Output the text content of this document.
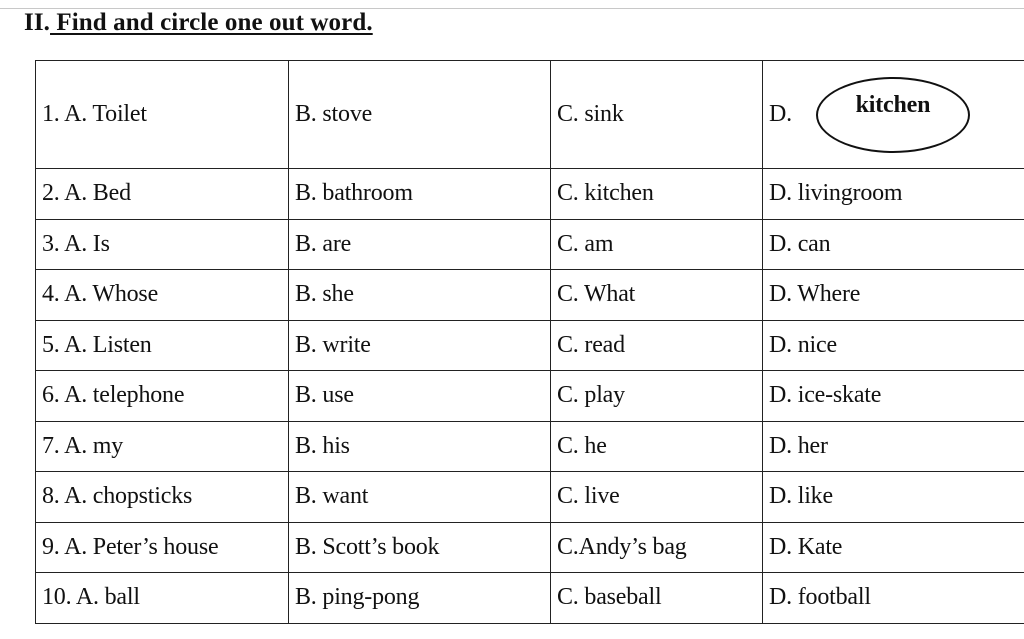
II. Find and circle one out word.
1. A. Toilet	B. stove	C. sink	D. kitchen

2. A. Bed	B. bathroom	C. kitchen	D. livingroom
3. A. Is	B. are	C. am	D. can
4. A. Whose	B. she	C. What	D. Where
5. A. Listen	B. write	C. read	D. nice
6. A. telephone	B. use	C. play	D. ice-skate
7. A. my	B. his	C. he	D. her
8. A. chopsticks	B. want	C. live	D. like
9. A. Peter’s house	B. Scott’s book	C.Andy’s bag	D. Kate
10. A. ball	B. ping-pong	C. baseball	D. football
